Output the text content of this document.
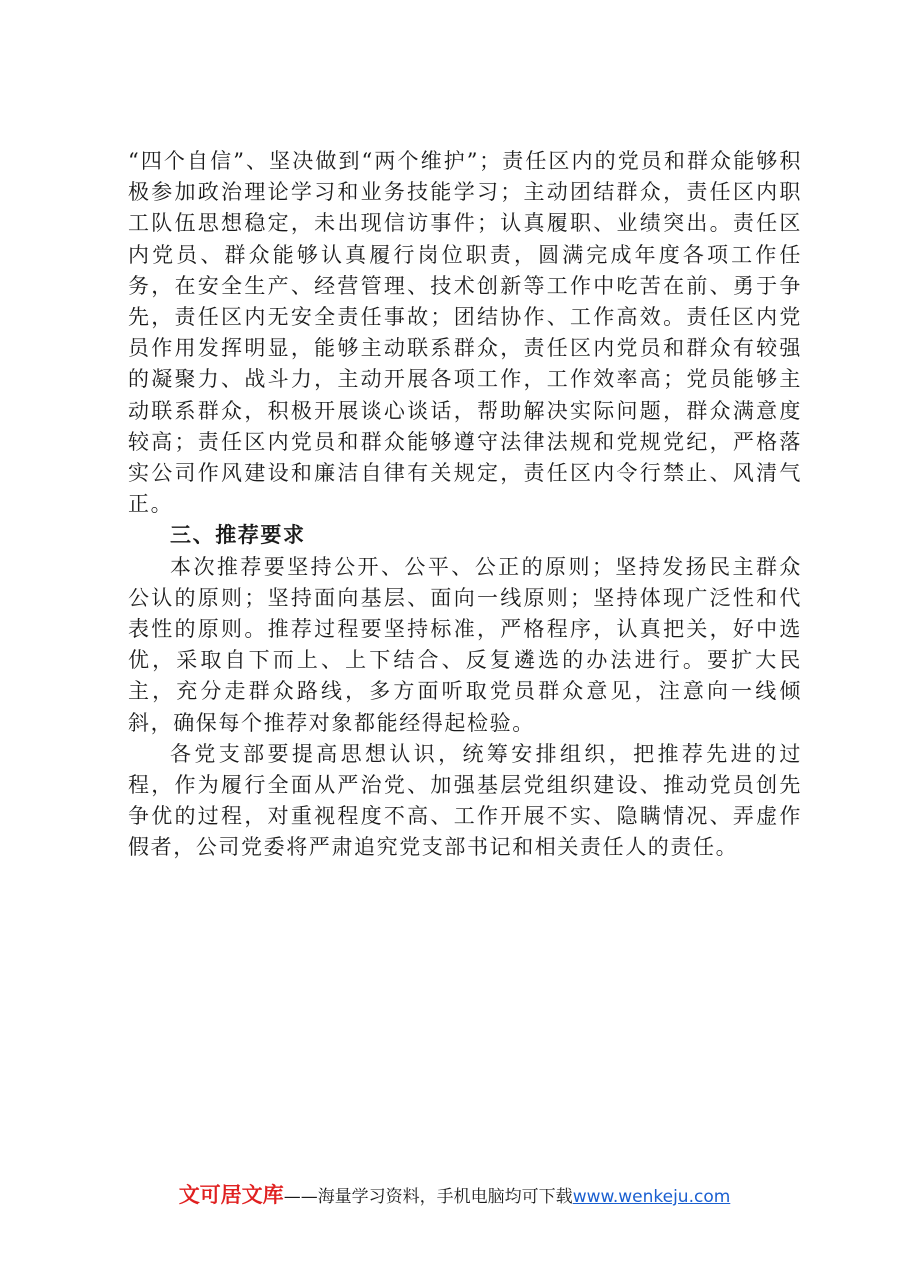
“四个自信”、坚决做到“两个维护”；责任区内的党员和群众能够积极参加政治理论学习和业务技能学习；主动团结群众，责任区内职工队伍思想稳定，未出现信访事件；认真履职、业绩突出。责任区内党员、群众能够认真履行岗位职责，圆满完成年度各项工作任务，在安全生产、经营管理、技术创新等工作中吃苦在前、勇于争先，责任区内无安全责任事故；团结协作、工作高效。责任区内党员作用发挥明显，能够主动联系群众，责任区内党员和群众有较强的凝聚力、战斗力，主动开展各项工作，工作效率高；党员能够主动联系群众，积极开展谈心谈话，帮助解决实际问题，群众满意度较高；责任区内党员和群众能够遵守法律法规和党规党纪，严格落实公司作风建设和廉洁自律有关规定，责任区内令行禁止、风清气正。

三、推荐要求

本次推荐要坚持公开、公平、公正的原则；坚持发扬民主群众公认的原则；坚持面向基层、面向一线原则；坚持体现广泛性和代表性的原则。推荐过程要坚持标准，严格程序，认真把关，好中选优，采取自下而上、上下结合、反复遴选的办法进行。要扩大民主，充分走群众路线，多方面听取党员群众意见，注意向一线倾斜，确保每个推荐对象都能经得起检验。

各党支部要提高思想认识，统筹安排组织，把推荐先进的过程，作为履行全面从严治党、加强基层党组织建设、推动党员创先争优的过程，对重视程度不高、工作开展不实、隐瞒情况、弄虚作假者，公司党委将严肃追究党支部书记和相关责任人的责任。

文可居文库——海量学习资料，手机电脑均可下载www.wenkeju.com
